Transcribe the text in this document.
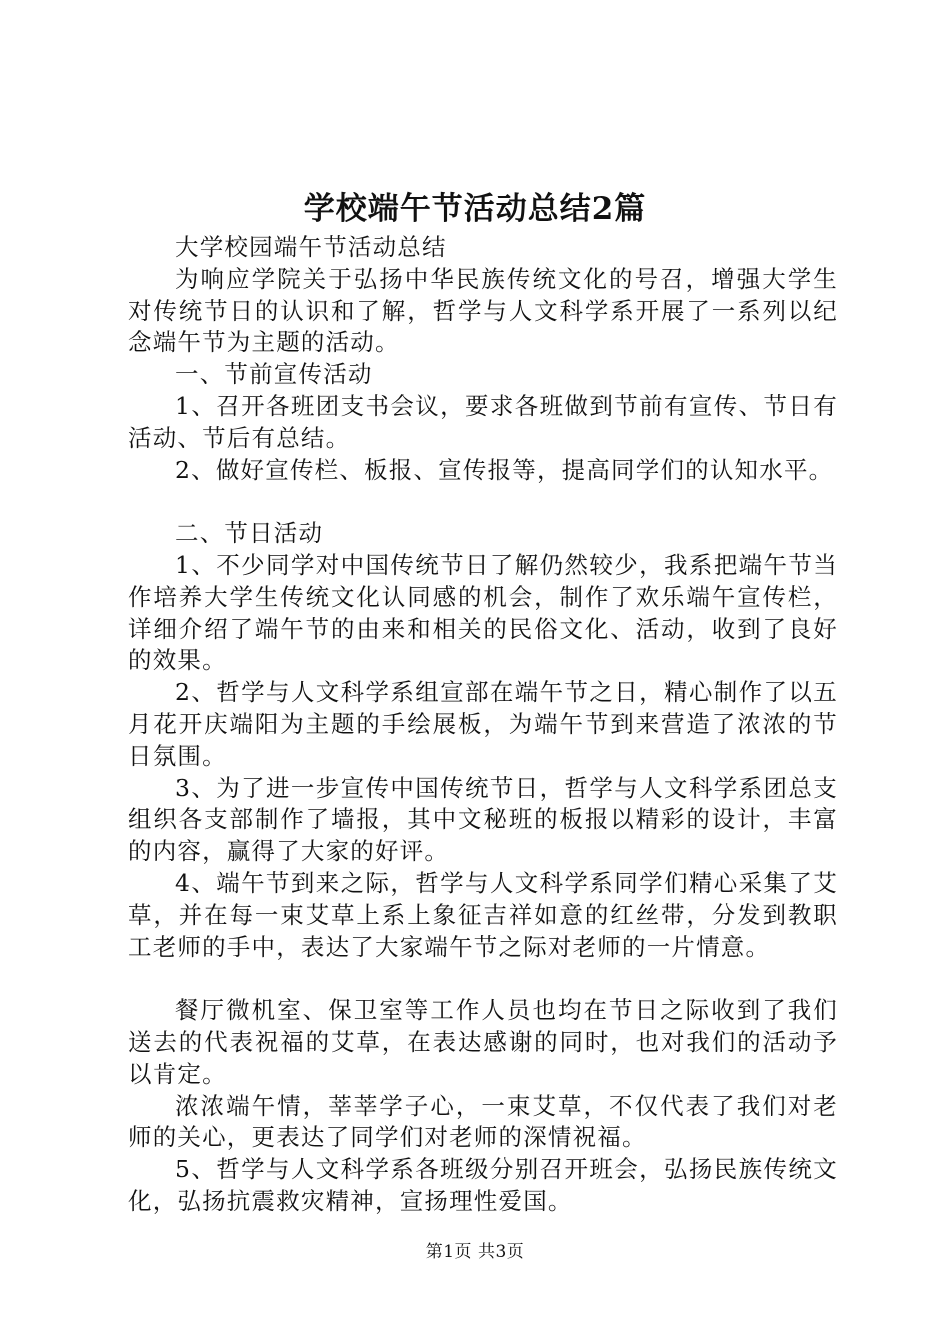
学校端午节活动总结2篇

大学校园端午节活动总结

为响应学院关于弘扬中华民族传统文化的号召，增强大学生对传统节日的认识和了解，哲学与人文科学系开展了一系列以纪念端午节为主题的活动。

一、节前宣传活动

1、召开各班团支书会议，要求各班做到节前有宣传、节日有活动、节后有总结。

2、做好宣传栏、板报、宣传报等，提高同学们的认知水平。

二、节日活动

1、不少同学对中国传统节日了解仍然较少，我系把端午节当作培养大学生传统文化认同感的机会，制作了欢乐端午宣传栏，详细介绍了端午节的由来和相关的民俗文化、活动，收到了良好的效果。

2、哲学与人文科学系组宣部在端午节之日，精心制作了以五月花开庆端阳为主题的手绘展板，为端午节到来营造了浓浓的节日氛围。

3、为了进一步宣传中国传统节日，哲学与人文科学系团总支组织各支部制作了墙报，其中文秘班的板报以精彩的设计，丰富的内容，赢得了大家的好评。

4、端午节到来之际，哲学与人文科学系同学们精心采集了艾草，并在每一束艾草上系上象征吉祥如意的红丝带，分发到教职工老师的手中，表达了大家端午节之际对老师的一片情意。

餐厅微机室、保卫室等工作人员也均在节日之际收到了我们送去的代表祝福的艾草，在表达感谢的同时，也对我们的活动予以肯定。

浓浓端午情，莘莘学子心，一束艾草，不仅代表了我们对老师的关心，更表达了同学们对老师的深情祝福。

5、哲学与人文科学系各班级分别召开班会，弘扬民族传统文化，弘扬抗震救灾精神，宣扬理性爱国。

第1页 共3页
